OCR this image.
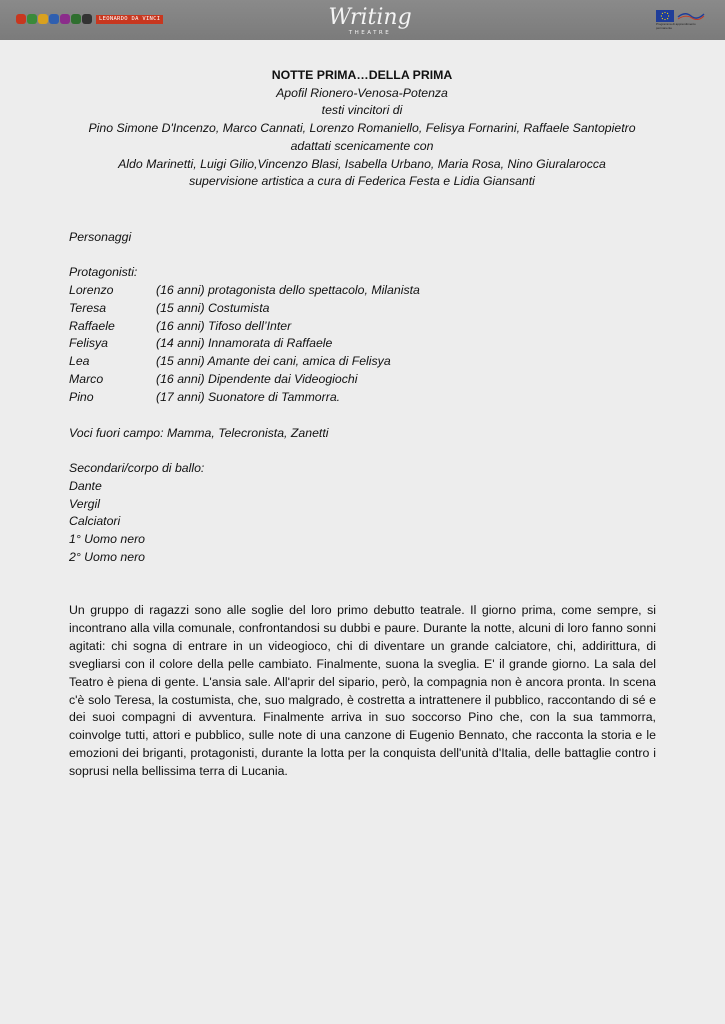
LEONARDO DA VINCI	Writing
THEATRE
Programma di apprendimento permanente
NOTTE PRIMA…DELLA PRIMA
Apofil Rionero-Venosa-Potenza
testi vincitori di
Pino Simone D'Incenzo, Marco Cannati, Lorenzo Romaniello, Felisya Fornarini, Raffaele Santopietro
adattati scenicamente con
Aldo Marinetti, Luigi Gilio,Vincenzo Blasi, Isabella Urbano, Maria Rosa, Nino Giuralarocca
supervisione artistica a cura di Federica Festa e Lidia Giansanti
Personaggi
Protagonisti:
Lorenzo	(16 anni) protagonista dello spettacolo, Milanista
Teresa	(15 anni) Costumista
Raffaele	(16 anni) Tifoso dell’Inter
Felisya	(14 anni) Innamorata di Raffaele
Lea	(15 anni) Amante dei cani, amica di Felisya
Marco	(16 anni) Dipendente dai Videogiochi
Pino	(17 anni) Suonatore di Tammorra.
Voci fuori campo: Mamma, Telecronista, Zanetti
Secondari/corpo di ballo:
Dante
Vergil
Calciatori
1° Uomo nero
2° Uomo nero
Un gruppo di ragazzi sono alle soglie del loro primo debutto teatrale. Il giorno prima, come sempre, si incontrano alla villa comunale, confrontandosi su dubbi e paure. Durante la notte, alcuni di loro fanno sonni agitati: chi sogna di entrare in un videogioco, chi di diventare un grande calciatore, chi, addirittura, di svegliarsi con il colore della pelle cambiato. Finalmente, suona la sveglia. E' il grande giorno. La sala del Teatro è piena di gente. L'ansia sale. All'aprir del sipario, però, la compagnia non è ancora pronta. In scena c'è solo Teresa, la costumista, che, suo malgrado, è costretta a intrattenere il pubblico, raccontando di sé e dei suoi compagni di avventura. Finalmente arriva in suo soccorso Pino che, con la sua tammorra, coinvolge tutti, attori e pubblico, sulle note di una canzone di Eugenio Bennato, che racconta la storia e le emozioni dei briganti, protagonisti, durante la lotta per la conquista dell'unità d'Italia, delle battaglie contro i soprusi nella bellissima terra di Lucania.
